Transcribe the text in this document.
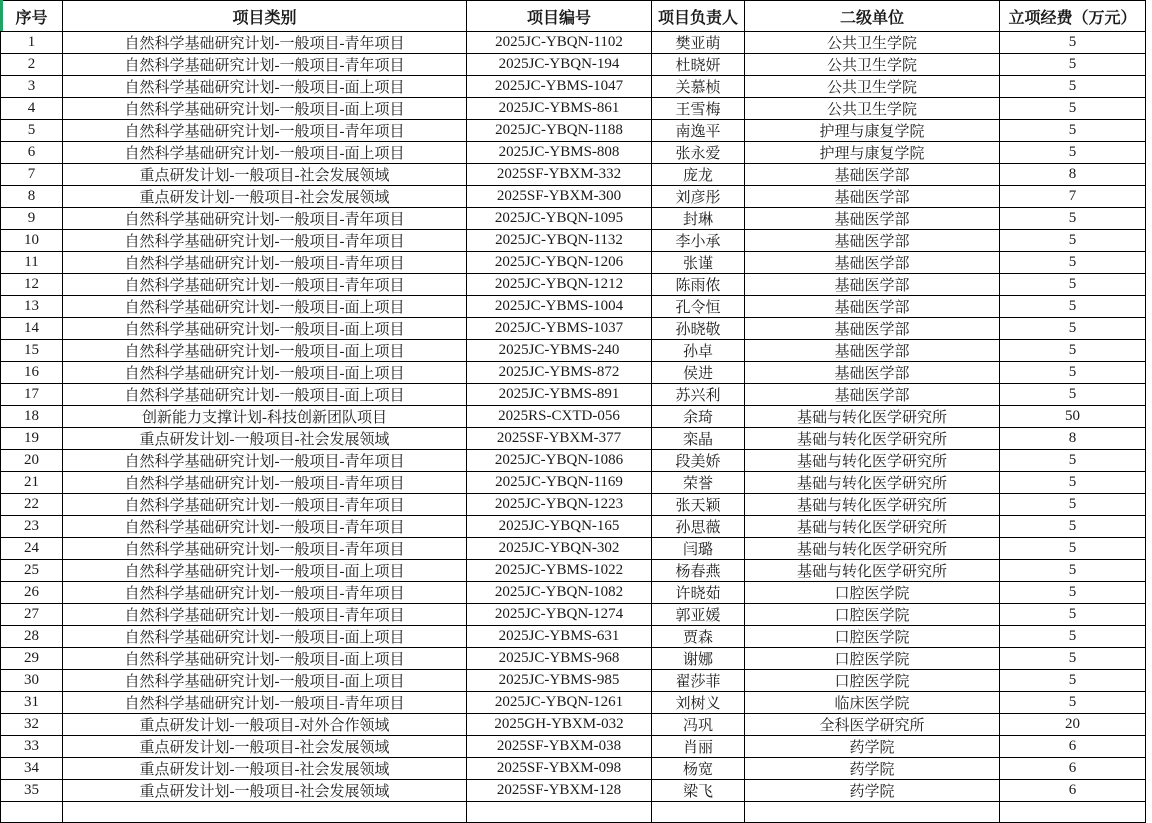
序号	项目类别	项目编号	项目负责人	二级单位	立项经费（万元）
1	自然科学基础研究计划-一般项目-青年项目	2025JC-YBQN-1102	樊亚萌	公共卫生学院	5
2	自然科学基础研究计划-一般项目-青年项目	2025JC-YBQN-194	杜晓妍	公共卫生学院	5
3	自然科学基础研究计划-一般项目-面上项目	2025JC-YBMS-1047	关慕桢	公共卫生学院	5
4	自然科学基础研究计划-一般项目-面上项目	2025JC-YBMS-861	王雪梅	公共卫生学院	5
5	自然科学基础研究计划-一般项目-青年项目	2025JC-YBQN-1188	南逸平	护理与康复学院	5
6	自然科学基础研究计划-一般项目-面上项目	2025JC-YBMS-808	张永爱	护理与康复学院	5
7	重点研发计划-一般项目-社会发展领域	2025SF-YBXM-332	庞龙	基础医学部	8
8	重点研发计划-一般项目-社会发展领域	2025SF-YBXM-300	刘彦彤	基础医学部	7
9	自然科学基础研究计划-一般项目-青年项目	2025JC-YBQN-1095	封琳	基础医学部	5
10	自然科学基础研究计划-一般项目-青年项目	2025JC-YBQN-1132	李小承	基础医学部	5
11	自然科学基础研究计划-一般项目-青年项目	2025JC-YBQN-1206	张谨	基础医学部	5
12	自然科学基础研究计划-一般项目-青年项目	2025JC-YBQN-1212	陈雨侬	基础医学部	5
13	自然科学基础研究计划-一般项目-面上项目	2025JC-YBMS-1004	孔令恒	基础医学部	5
14	自然科学基础研究计划-一般项目-面上项目	2025JC-YBMS-1037	孙晓敬	基础医学部	5
15	自然科学基础研究计划-一般项目-面上项目	2025JC-YBMS-240	孙卓	基础医学部	5
16	自然科学基础研究计划-一般项目-面上项目	2025JC-YBMS-872	侯进	基础医学部	5
17	自然科学基础研究计划-一般项目-面上项目	2025JC-YBMS-891	苏兴利	基础医学部	5
18	创新能力支撑计划-科技创新团队项目	2025RS-CXTD-056	余琦	基础与转化医学研究所	50
19	重点研发计划-一般项目-社会发展领域	2025SF-YBXM-377	栾晶	基础与转化医学研究所	8
20	自然科学基础研究计划-一般项目-青年项目	2025JC-YBQN-1086	段美娇	基础与转化医学研究所	5
21	自然科学基础研究计划-一般项目-青年项目	2025JC-YBQN-1169	荣誉	基础与转化医学研究所	5
22	自然科学基础研究计划-一般项目-青年项目	2025JC-YBQN-1223	张天颖	基础与转化医学研究所	5
23	自然科学基础研究计划-一般项目-青年项目	2025JC-YBQN-165	孙思薇	基础与转化医学研究所	5
24	自然科学基础研究计划-一般项目-青年项目	2025JC-YBQN-302	闫璐	基础与转化医学研究所	5
25	自然科学基础研究计划-一般项目-面上项目	2025JC-YBMS-1022	杨春燕	基础与转化医学研究所	5
26	自然科学基础研究计划-一般项目-青年项目	2025JC-YBQN-1082	许晓茹	口腔医学院	5
27	自然科学基础研究计划-一般项目-青年项目	2025JC-YBQN-1274	郭亚媛	口腔医学院	5
28	自然科学基础研究计划-一般项目-面上项目	2025JC-YBMS-631	贾森	口腔医学院	5
29	自然科学基础研究计划-一般项目-面上项目	2025JC-YBMS-968	谢娜	口腔医学院	5
30	自然科学基础研究计划-一般项目-面上项目	2025JC-YBMS-985	翟莎菲	口腔医学院	5
31	自然科学基础研究计划-一般项目-青年项目	2025JC-YBQN-1261	刘树义	临床医学院	5
32	重点研发计划-一般项目-对外合作领域	2025GH-YBXM-032	冯巩	全科医学研究所	20
33	重点研发计划-一般项目-社会发展领域	2025SF-YBXM-038	肖丽	药学院	6
34	重点研发计划-一般项目-社会发展领域	2025SF-YBXM-098	杨宽	药学院	6
35	重点研发计划-一般项目-社会发展领域	2025SF-YBXM-128	梁飞	药学院	6
